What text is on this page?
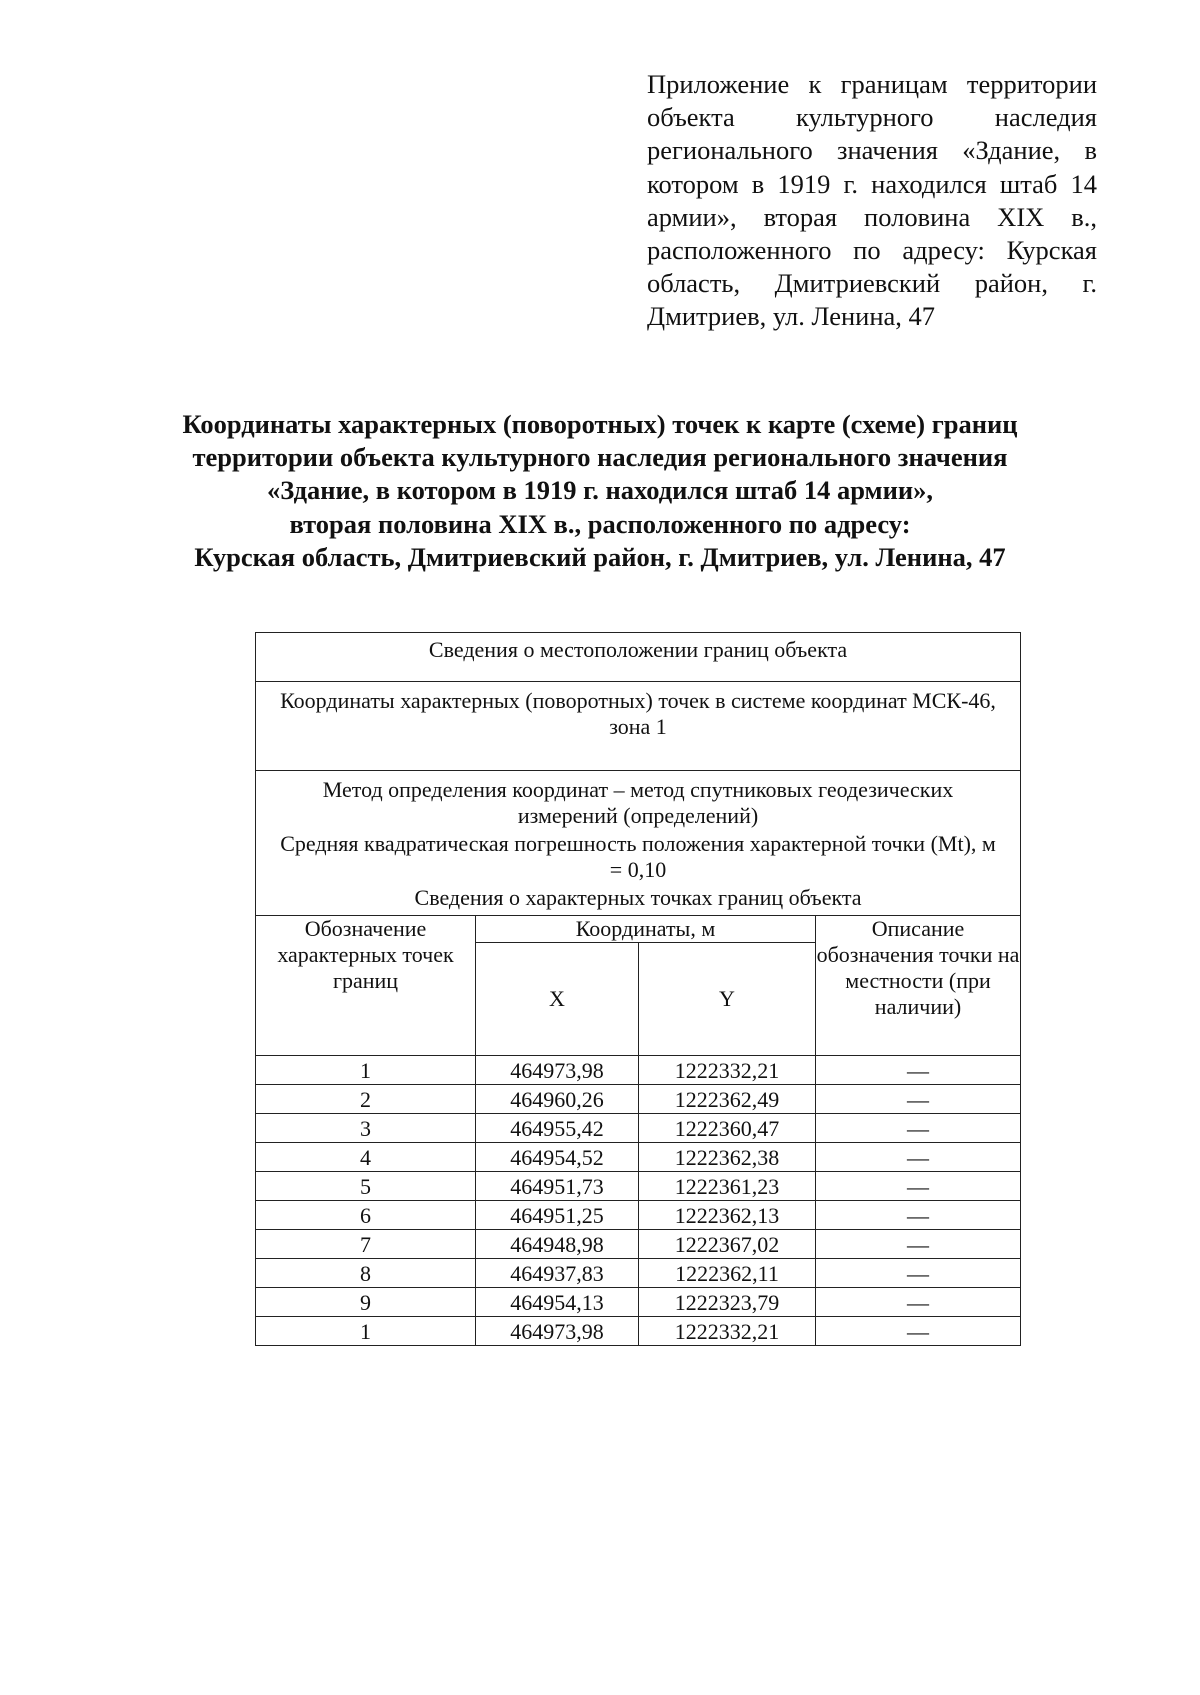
Приложение к границам территории объекта культурного наследия регионального значения «Здание, в котором в 1919 г. находился штаб 14 армии», вторая половина XIX в., расположенного по адресу: Курская область, Дмитриевский район, г. Дмитриев, ул. Ленина, 47
Координаты характерных (поворотных) точек к карте (схеме) границ
территории объекта культурного наследия регионального значения
«Здание, в котором в 1919 г. находился штаб 14 армии»,
вторая половина XIX в., расположенного по адресу:
Курская область, Дмитриевский район, г. Дмитриев, ул. Ленина, 47
Сведения о местоположении границ объекта			

Координаты характерных (поворотных) точек в системе координат МСК-46, зона 1			

Метод определения координат – метод спутниковых геодезических измерений (определений)
Средняя квадратическая погрешность положения характерной точки (Mt), м = 0,10
Сведения о характерных точках границ объекта			

Обозначение характерных точек границ	Координаты, м		Описание обозначения точки на местности (при наличии)
	X	Y	
1	464973,98	1222332,21	—
2	464960,26	1222362,49	—
3	464955,42	1222360,47	—
4	464954,52	1222362,38	—
5	464951,73	1222361,23	—
6	464951,25	1222362,13	—
7	464948,98	1222367,02	—
8	464937,83	1222362,11	—
9	464954,13	1222323,79	—
1	464973,98	1222332,21	—
